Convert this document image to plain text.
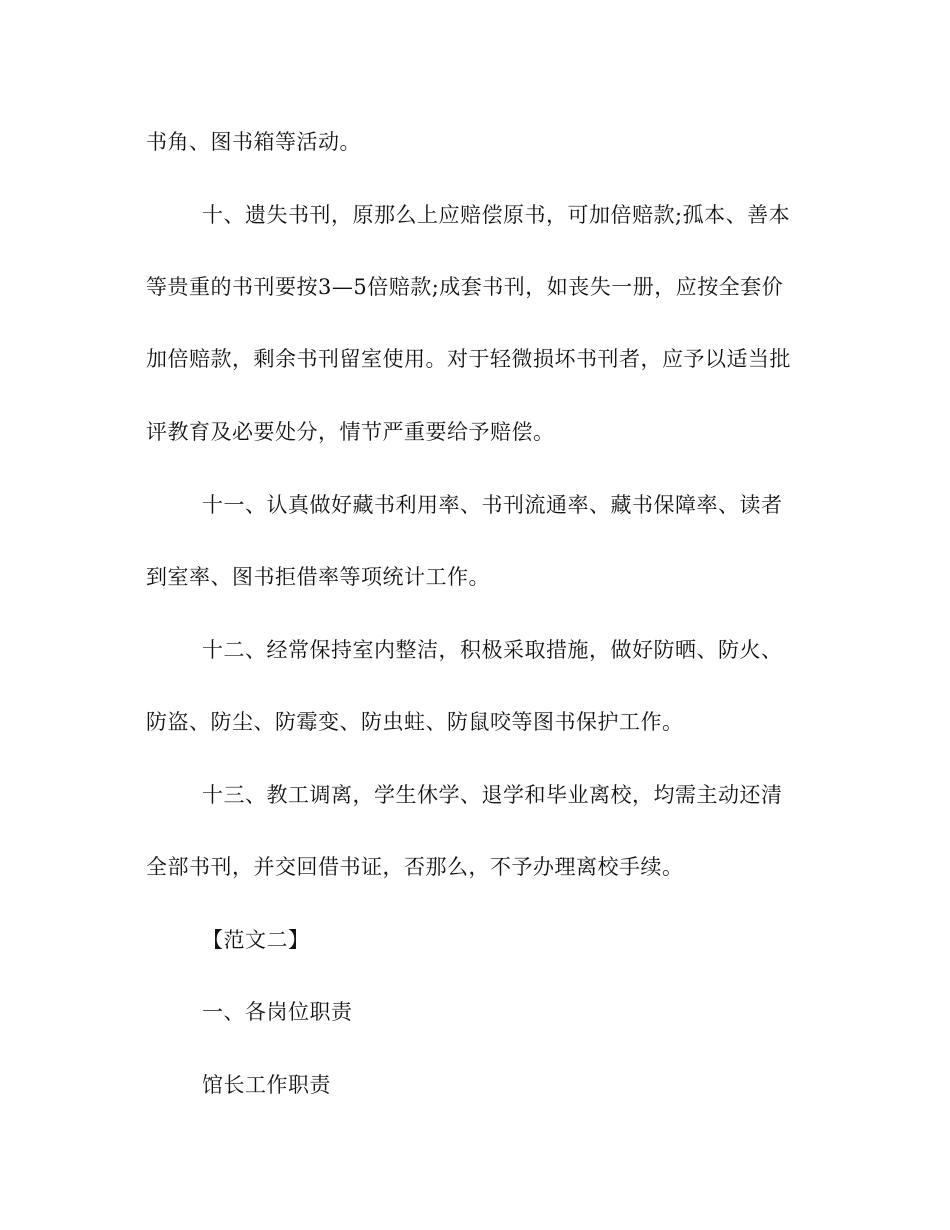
书角、图书箱等活动。
十、遗失书刊，原那么上应赔偿原书，可加倍赔款;孤本、善本
等贵重的书刊要按3—5倍赔款;成套书刊，如丧失一册，应按全套价
加倍赔款，剩余书刊留室使用。对于轻微损坏书刊者，应予以适当批
评教育及必要处分，情节严重要给予赔偿。
十一、认真做好藏书利用率、书刊流通率、藏书保障率、读者
到室率、图书拒借率等项统计工作。
十二、经常保持室内整洁，积极采取措施，做好防晒、防火、
防盗、防尘、防霉变、防虫蛀、防鼠咬等图书保护工作。
十三、教工调离，学生休学、退学和毕业离校，均需主动还清
全部书刊，并交回借书证，否那么，不予办理离校手续。
【范文二】
一、各岗位职责
馆长工作职责
